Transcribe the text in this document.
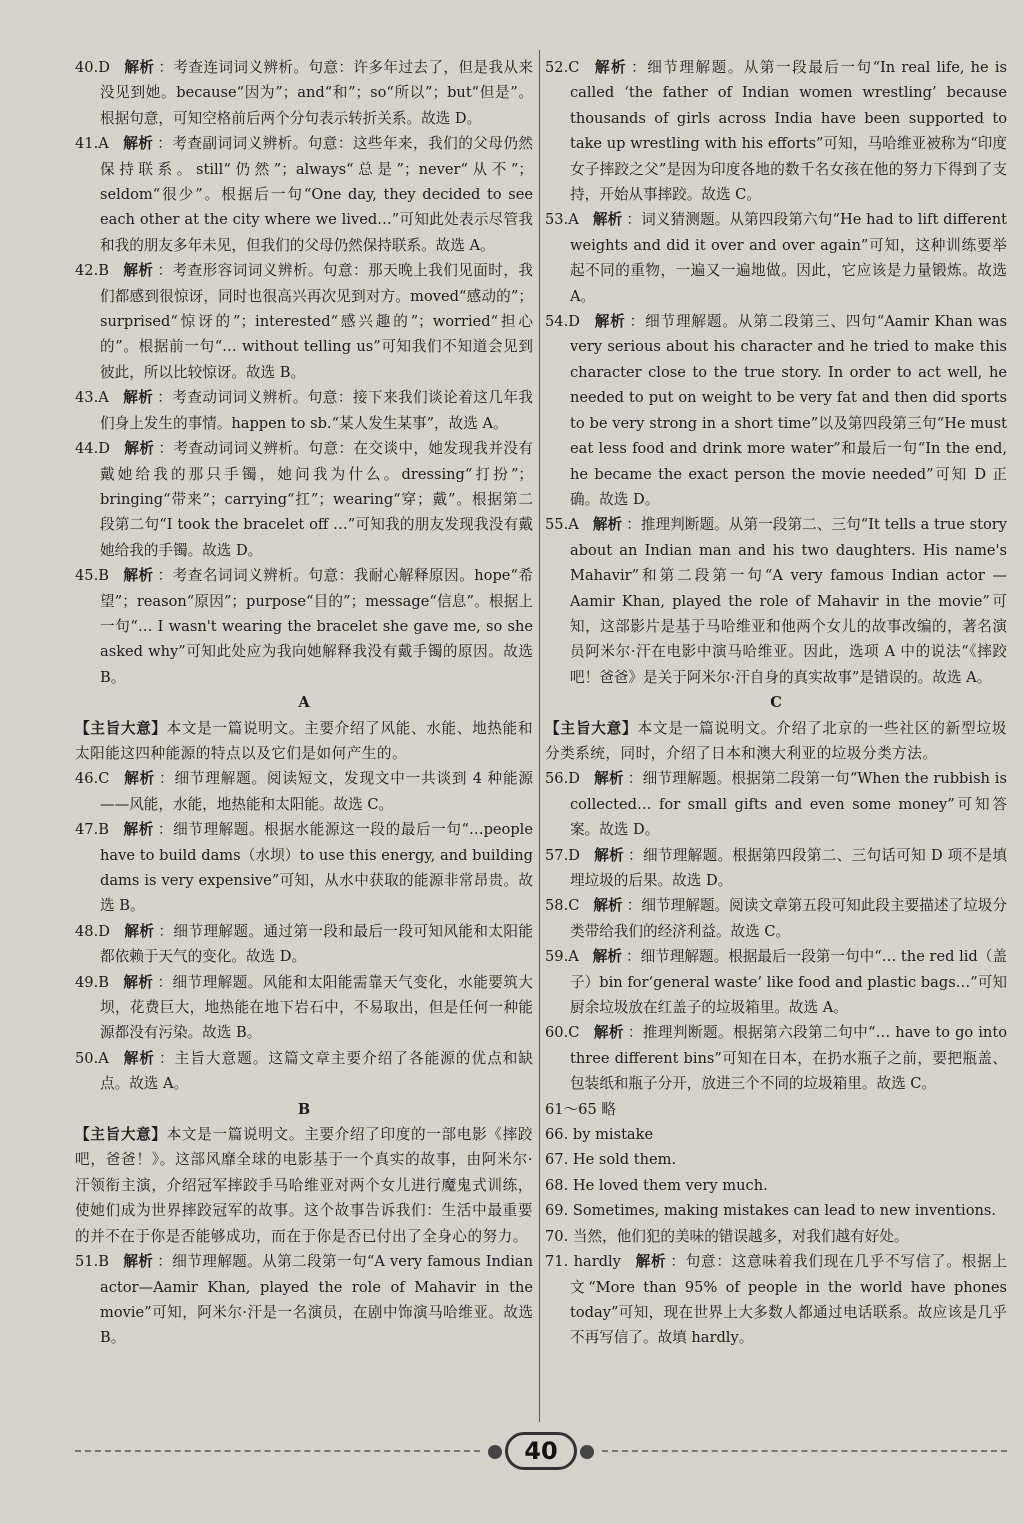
40.D 解析 ：考查连词词义辨析。句意：许多年过去了，但是我从来没见到她。because“因为”；and“和”；so“所以”；but“但是”。根据句意，可知空格前后两个分句表示转折关系。故选 D。

41.A 解析 ：考查副词词义辨析。句意：这些年来，我们的父母仍然保持联系。still“仍然”；always“总是”；never“从不”；seldom“很少”。根据后一句“One day, they decided to see each other at the city where we lived…”可知此处表示尽管我和我的朋友多年未见，但我们的父母仍然保持联系。故选 A。

42.B 解析 ：考查形容词词义辨析。句意：那天晚上我们见面时，我们都感到很惊讶，同时也很高兴再次见到对方。moved“感动的”；surprised“惊讶的”；interested“感兴趣的”；worried“担心的”。根据前一句“… without telling us”可知我们不知道会见到彼此，所以比较惊讶。故选 B。

43.A 解析 ：考查动词词义辨析。句意：接下来我们谈论着这几年我们身上发生的事情。happen to sb.“某人发生某事”，故选 A。

44.D 解析 ：考查动词词义辨析。句意：在交谈中，她发现我并没有戴她给我的那只手镯，她问我为什么。dressing“打扮”；bringing“带来”；carrying“扛”；wearing“穿；戴”。根据第二段第二句“I took the bracelet off …”可知我的朋友发现我没有戴她给我的手镯。故选 D。

45.B 解析 ：考查名词词义辨析。句意：我耐心解释原因。hope“希望”；reason“原因”；purpose“目的”；message“信息”。根据上一句“… I wasn't wearing the bracelet she gave me, so she asked why”可知此处应为我向她解释我没有戴手镯的原因。故选 B。

A

【主旨大意】本文是一篇说明文。主要介绍了风能、水能、地热能和太阳能这四种能源的特点以及它们是如何产生的。

46.C 解析 ：细节理解题。阅读短文，发现文中一共谈到 4 种能源——风能，水能，地热能和太阳能。故选 C。

47.B 解析 ：细节理解题。根据水能源这一段的最后一句“…people have to build dams（水坝）to use this energy, and building dams is very expensive”可知，从水中获取的能源非常昂贵。故选 B。

48.D 解析 ：细节理解题。通过第一段和最后一段可知风能和太阳能都依赖于天气的变化。故选 D。

49.B 解析 ：细节理解题。风能和太阳能需靠天气变化，水能要筑大坝，花费巨大，地热能在地下岩石中，不易取出，但是任何一种能源都没有污染。故选 B。

50.A 解析 ：主旨大意题。这篇文章主要介绍了各能源的优点和缺点。故选 A。

B

【主旨大意】本文是一篇说明文。主要介绍了印度的一部电影《摔跤吧，爸爸！》。这部风靡全球的电影基于一个真实的故事，由阿米尔·汗领衔主演，介绍冠军摔跤手马哈维亚对两个女儿进行魔鬼式训练，使她们成为世界摔跤冠军的故事。这个故事告诉我们：生活中最重要的并不在于你是否能够成功，而在于你是否已付出了全身心的努力。

51.B 解析 ：细节理解题。从第二段第一句“A very famous Indian actor—Aamir Khan, played the role of Mahavir in the movie”可知，阿米尔·汗是一名演员，在剧中饰演马哈维亚。故选 B。

52.C 解析 ：细节理解题。从第一段最后一句“In real life, he is called ‘the father of Indian women wrestling’ because thousands of girls across India have been supported to take up wrestling with his efforts”可知，马哈维亚被称为“印度女子摔跤之父”是因为印度各地的数千名女孩在他的努力下得到了支持，开始从事摔跤。故选 C。

53.A 解析 ：词义猜测题。从第四段第六句“He had to lift different weights and did it over and over again”可知，这种训练要举起不同的重物，一遍又一遍地做。因此，它应该是力量锻炼。故选 A。

54.D 解析 ：细节理解题。从第二段第三、四句“Aamir Khan was very serious about his character and he tried to make this character close to the true story. In order to act well, he needed to put on weight to be very fat and then did sports to be very strong in a short time”以及第四段第三句“He must eat less food and drink more water”和最后一句“In the end, he became the exact person the movie needed”可知 D 正确。故选 D。

55.A 解析 ：推理判断题。从第一段第二、三句“It tells a true story about an Indian man and his two daughters. His name's Mahavir”和第二段第一句“A very famous Indian actor — Aamir Khan, played the role of Mahavir in the movie”可知，这部影片是基于马哈维亚和他两个女儿的故事改编的，著名演员阿米尔·汗在电影中演马哈维亚。因此，选项 A 中的说法“《摔跤吧！爸爸》是关于阿米尔·汗自身的真实故事”是错误的。故选 A。

C

【主旨大意】本文是一篇说明文。介绍了北京的一些社区的新型垃圾分类系统，同时，介绍了日本和澳大利亚的垃圾分类方法。

56.D 解析 ：细节理解题。根据第二段第一句“When the rubbish is collected… for small gifts and even some money”可知答案。故选 D。

57.D 解析 ：细节理解题。根据第四段第二、三句话可知 D 项不是填埋垃圾的后果。故选 D。

58.C 解析 ：细节理解题。阅读文章第五段可知此段主要描述了垃圾分类带给我们的经济利益。故选 C。

59.A 解析 ：细节理解题。根据最后一段第一句中“… the red lid（盖子）bin for‘general waste’ like food and plastic bags…”可知厨余垃圾放在红盖子的垃圾箱里。故选 A。

60.C 解析 ：推理判断题。根据第六段第二句中“… have to go into three different bins”可知在日本，在扔水瓶子之前，要把瓶盖、包装纸和瓶子分开，放进三个不同的垃圾箱里。故选 C。

61～65 略

66. by mistake

67. He sold them.

68. He loved them very much.

69. Sometimes, making mistakes can lead to new inventions.

70. 当然，他们犯的美味的错误越多，对我们越有好处。

71. hardly 解析 ：句意：这意味着我们现在几乎不写信了。根据上文“More than 95% of people in the world have phones today”可知，现在世界上大多数人都通过电话联系。故应该是几乎不再写信了。故填 hardly。

40
